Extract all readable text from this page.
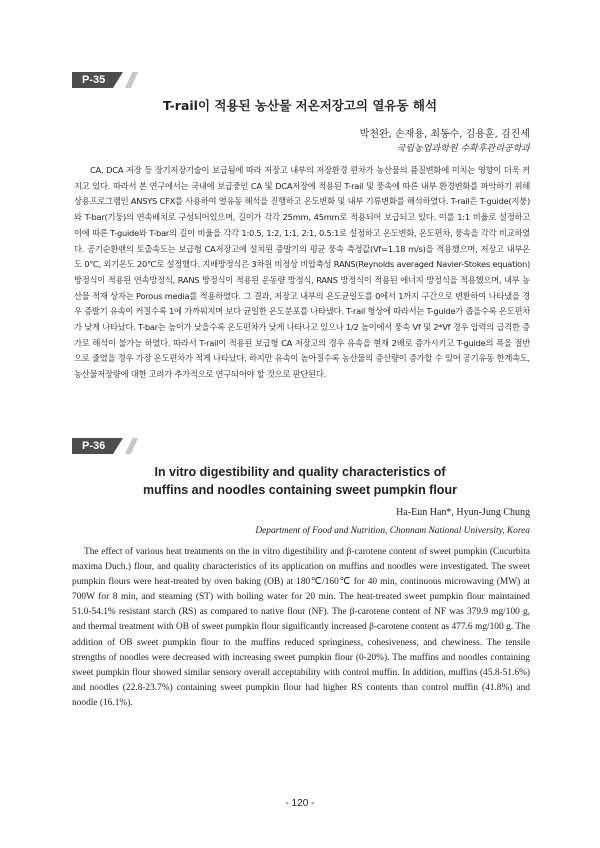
P-35
T-rail이 적용된 농산물 저온저장고의 열유동 해석
박천완, 손재용, 최동수, 김용훈, 김진세
국립농업과학원 수확후관리공학과

CA, DCA 저장 등 장기저장기술이 보급됨에 따라 저장고 내부의 저장환경 편차가 농산물의 품질변화에 미치는 영향이 더욱 커지고 있다. 따라서 본 연구에서는 국내에 보급중인 CA 및 DCA저장에 적용된 T-rail 및 풍속에 따른 내부 환경변화를 파악하기 위해 상용프로그램인 ANSYS CFX를 사용하여 열유동 해석을 진행하고 온도변화 및 내부 기류변화를 해석하였다. T-rail은 T-guide(지붕)와 T-bar(기둥)의 연속배치로 구성되어있으며, 길이가 각각 25mm, 45mm로 적용되어 보급되고 있다. 이를 1:1 비율로 설정하고 이에 따른 T-guide와 T-bar의 길이 비율을 각각 1:0.5, 1:2, 1:1, 2:1, 0.5:1로 설정하고 온도변화, 온도편차, 풍속을 각각 비교하였다. 공기순환팬의 토출속도는 보급형 CA저장고에 설치된 증발기의 평균 풍속 측정값(Vf=1.18 m/s)을 적용했으며, 저장고 내부온도 0℃, 외기온도 20℃로 설정했다. 지배방정식은 3차원 비정상 비압축성 RANS(Reynolds averaged Navier-Stokes equation)방정식이 적용된 연속방정식, RANS 방정식이 적용된 운동량 방정식, RANS 방정식이 적용된 에너지 방정식을 적용했으며, 내부 농산물 적재 상자는 Porous media를 적용하였다. 그 결과, 저장고 내부의 온도균일도를 0에서 1까지 구간으로 변환하여 나타냈을 경우 증발기 유속이 커질수록 1에 가까워지며 보다 균일한 온도분포를 나타냈다. T-rail 형상에 따라서는 T-guide가 좁을수록 온도편차가 낮게 나타났다. T-bar는 높이가 낮을수록 온도편차가 낮게 나타나고 있으나 1/2 높이에서 풍속 Vf 및 2*Vf 경우 압력의 급격한 증가로 해석이 불가능 하였다. 따라서 T-rail이 적용된 보급형 CA 저장고의 경우 유속을 현재 2배로 증가시키고 T-guide의 폭을 절반으로 줄였을 경우 가장 온도편차가 적게 나타났다. 하지만 유속이 높아질수록 농산물의 증산량이 증가할 수 있어 공기유동 한계속도, 농산물저장량에 대한 고려가 추가적으로 연구되어야 할 것으로 판단된다.

P-36
In vitro digestibility and quality characteristics of
muffins and noodles containing sweet pumpkin flour
Ha-Eun Han*, Hyun-Jung Chung
Department of Food and Nutrition, Chonnam National University, Korea

The effect of various heat treatments on the in vitro digestibility and β-carotene content of sweet pumpkin (Cucurbita maxima Duch.) flour, and quality characteristics of its application on muffins and noodles were investigated. The sweet pumpkin flours were heat-treated by oven baking (OB) at 180℃/160℃ for 40 min, continuous microwaving (MW) at 700W for 8 min, and steaming (ST) with boiling water for 20 min. The heat-treated sweet pumpkin flour maintained 51.0-54.1% resistant starch (RS) as compared to native flour (NF). The β-carotene content of NF was 379.9 mg/100 g, and thermal treatment with OB of sweet pumpkin flour significantly increased β-carotene content as 477.6 mg/100 g. The addition of OB sweet pumpkin flour to the muffins reduced springiness, cohesiveness, and chewiness. The tensile strengths of noodles were decreased with increasing sweet pumpkin flour (0-20%). The muffins and noodles containing sweet pumpkin flour showed similar sensory overall acceptability with control muffin. In addition, muffins (45.8-51.6%) and noodles (22.8-23.7%) containing sweet pumpkin flour had higher RS contents than control muffin (41.8%) and noodle (16.1%).

- 120 -
